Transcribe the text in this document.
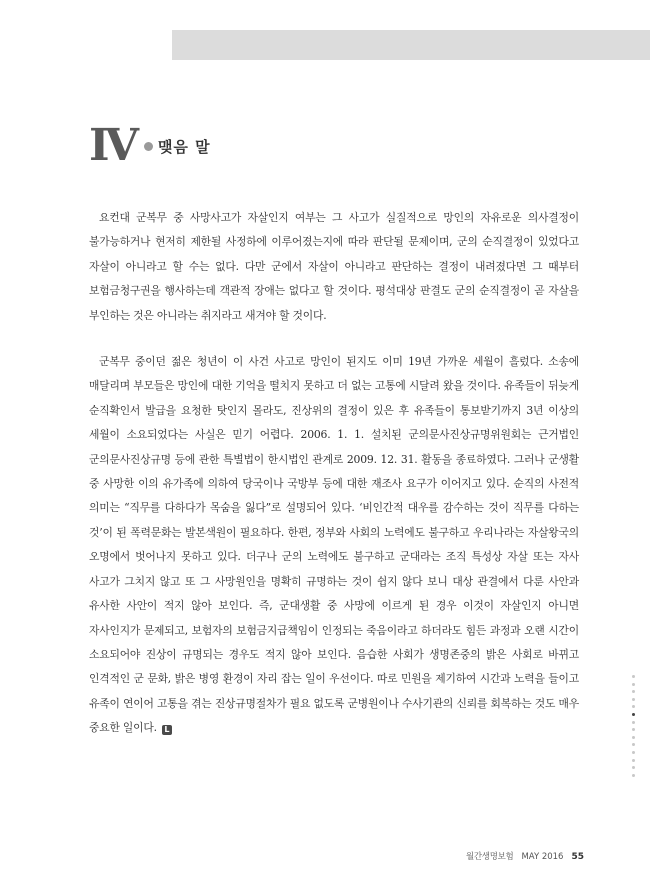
Ⅳ 맺음 말

요컨대 군복무 중 사망사고가 자살인지 여부는 그 사고가 실질적으로 망인의 자유로운 의사결정이 불가능하거나 현저히 제한될 사정하에 이루어졌는지에 따라 판단될 문제이며, 군의 순직결정이 있었다고 자살이 아니라고 할 수는 없다. 다만 군에서 자살이 아니라고 판단하는 결정이 내려졌다면 그 때부터 보험금청구권을 행사하는데 객관적 장애는 없다고 할 것이다. 평석대상 판결도 군의 순직결정이 곧 자살을 부인하는 것은 아니라는 취지라고 새겨야 할 것이다.

군복무 중이던 젊은 청년이 이 사건 사고로 망인이 된지도 이미 19년 가까운 세월이 흘렀다. 소송에 매달리며 부모들은 망인에 대한 기억을 떨치지 못하고 더 없는 고통에 시달려 왔을 것이다. 유족들이 뒤늦게 순직확인서 발급을 요청한 탓인지 몰라도, 진상위의 결정이 있은 후 유족들이 통보받기까지 3년 이상의 세월이 소요되었다는 사실은 믿기 어렵다. 2006. 1. 1. 설치된 군의문사진상규명위원회는 근거법인 군의문사진상규명 등에 관한 특별법이 한시법인 관계로 2009. 12. 31. 활동을 종료하였다. 그러나 군생활 중 사망한 이의 유가족에 의하여 당국이나 국방부 등에 대한 재조사 요구가 이어지고 있다. 순직의 사전적 의미는 “직무를 다하다가 목숨을 잃다”로 설명되어 있다. ‘비인간적 대우를 감수하는 것이 직무를 다하는 것’이 된 폭력문화는 발본색원이 필요하다. 한편, 정부와 사회의 노력에도 불구하고 우리나라는 자살왕국의 오명에서 벗어나지 못하고 있다. 더구나 군의 노력에도 불구하고 군대라는 조직 특성상 자살 또는 자사 사고가 그치지 않고 또 그 사망원인을 명확히 규명하는 것이 쉽지 않다 보니 대상 관결에서 다룬 사안과 유사한 사안이 적지 않아 보인다. 즉, 군대생활 중 사망에 이르게 된 경우 이것이 자살인지 아니면 자사인지가 문제되고, 보험자의 보험금지급책임이 인정되는 죽음이라고 하더라도 힘든 과정과 오랜 시간이 소요되어야 진상이 규명되는 경우도 적지 않아 보인다. 음습한 사회가 생명존중의 밝은 사회로 바뀌고 인격적인 군 문화, 밝은 병영 환경이 자리 잡는 일이 우선이다. 따로 민원을 제기하여 시간과 노력을 들이고 유족이 연이어 고통을 겪는 진상규명절차가 필요 없도록 군병원이나 수사기관의 신뢰를 회복하는 것도 매우 중요한 일이다. L

월간생명보험 MAY 2016 55
